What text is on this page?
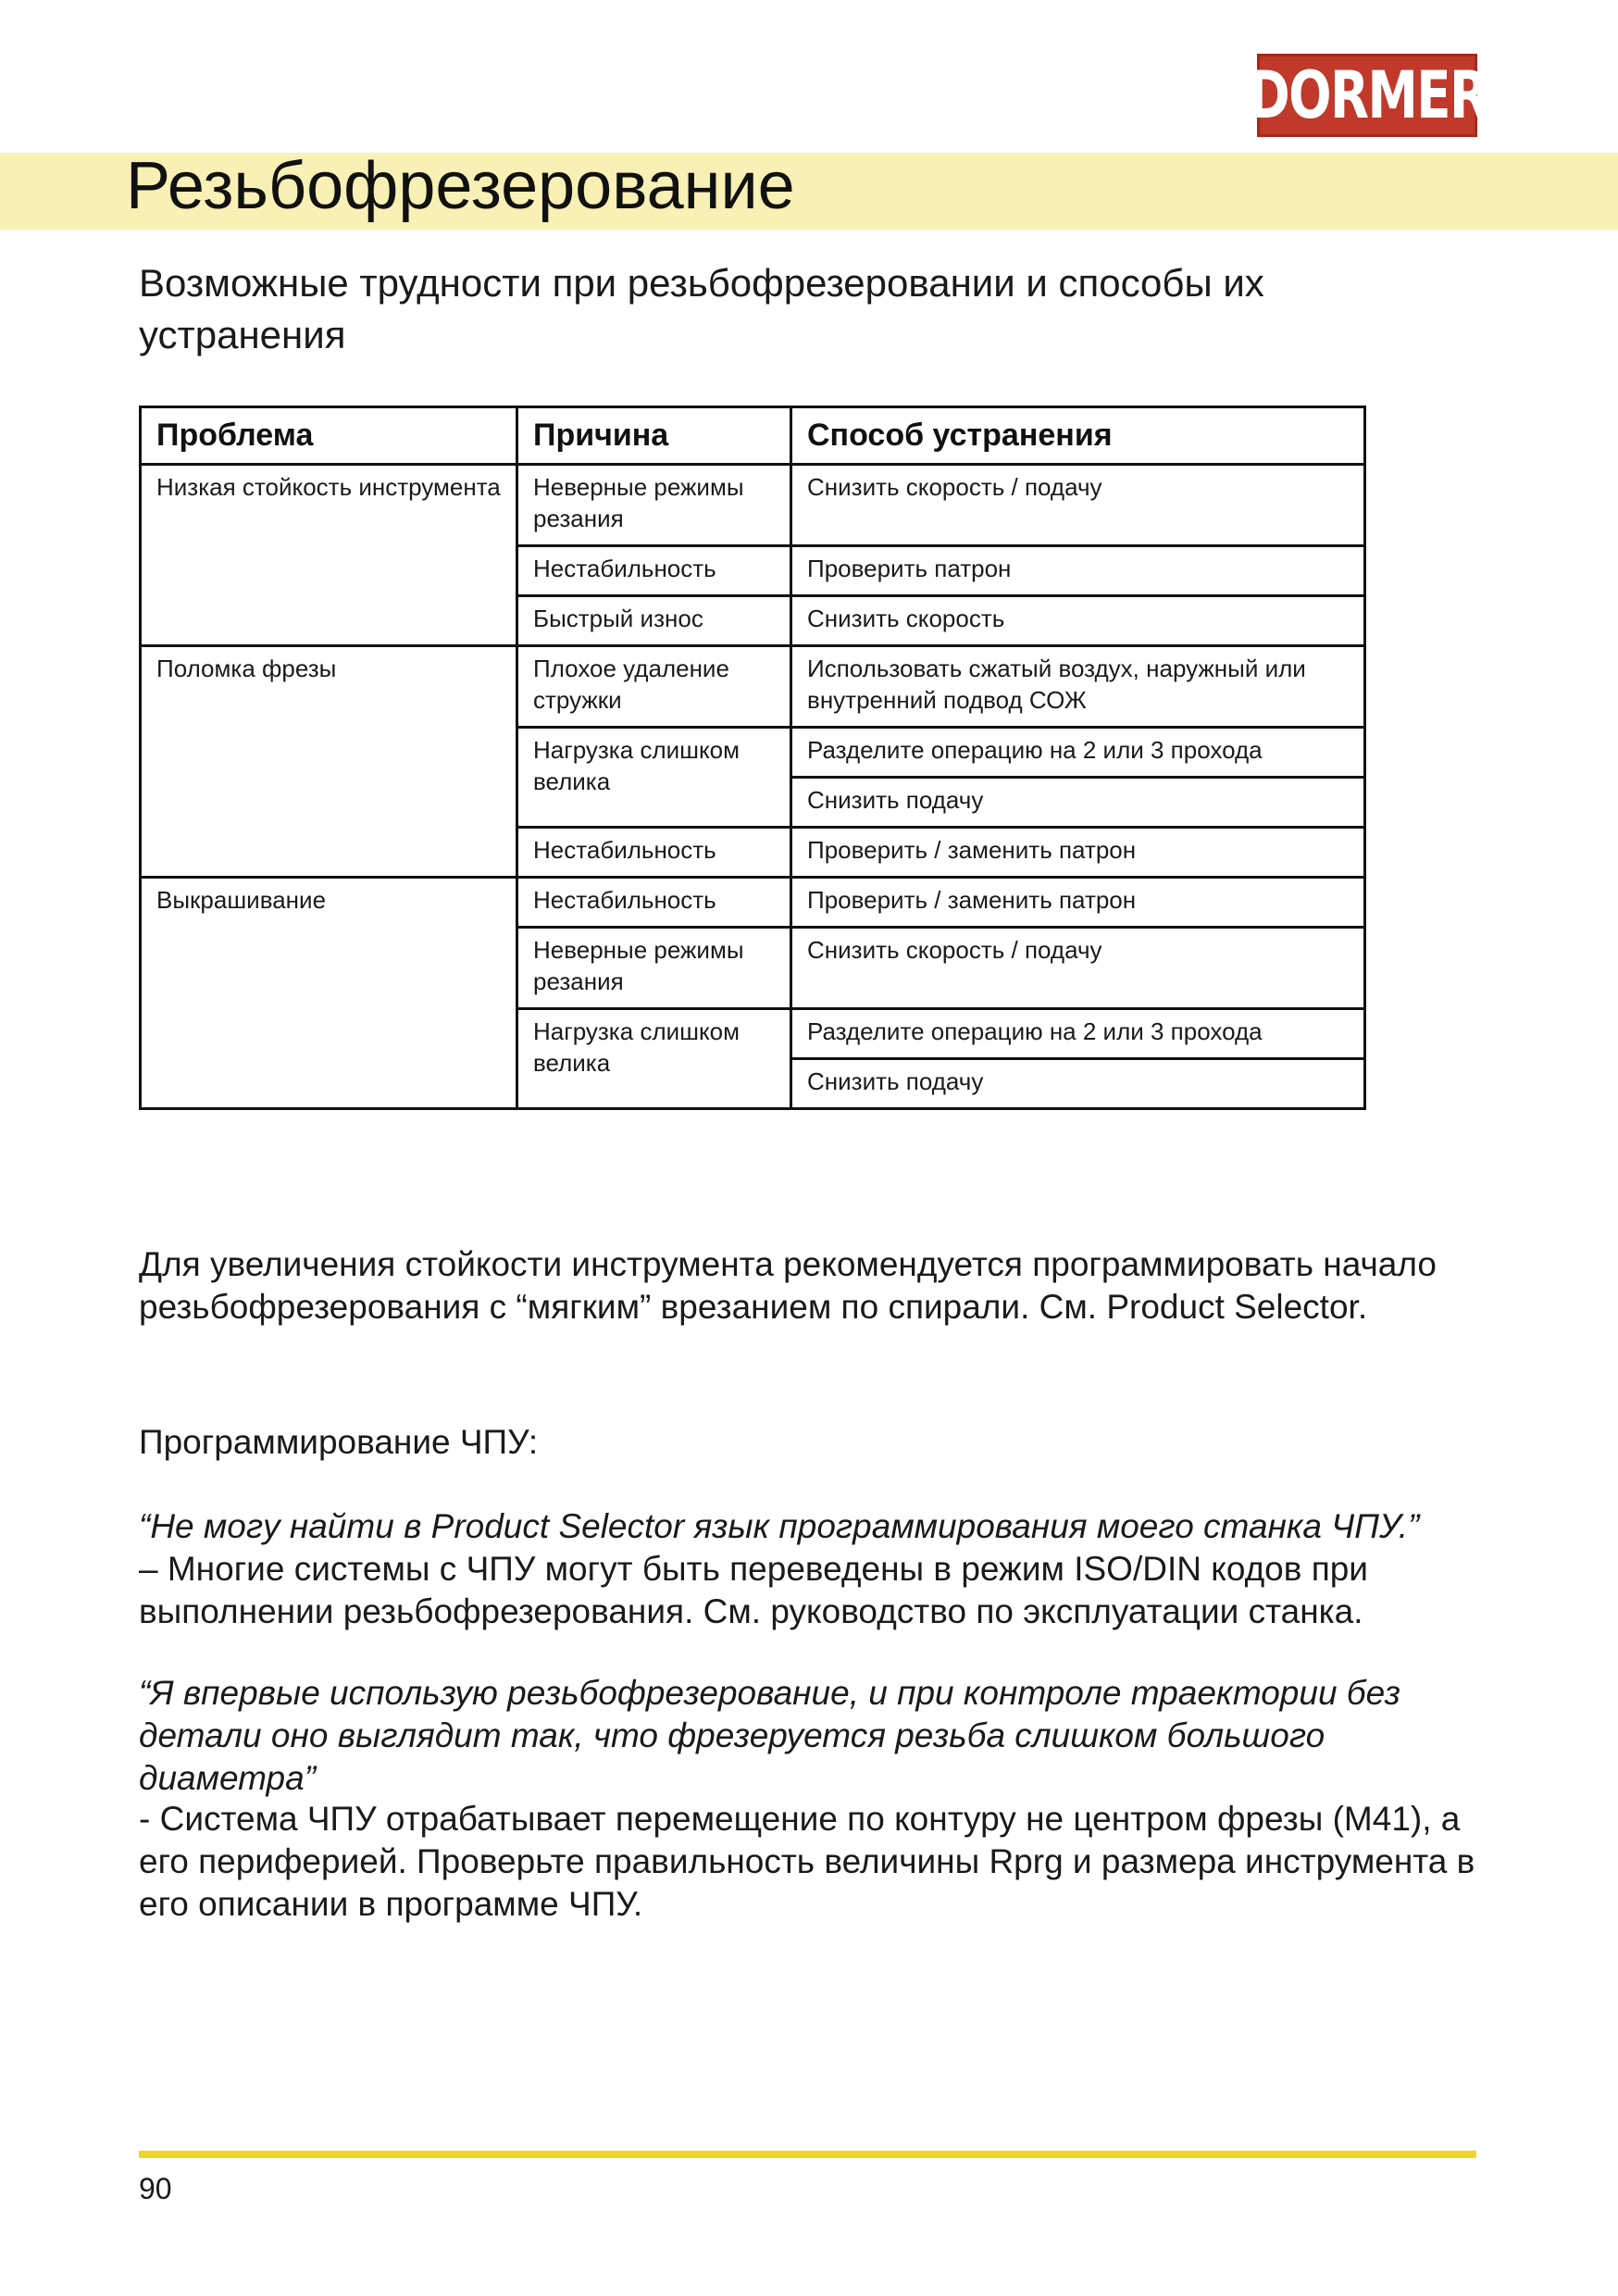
DORMER
Резьбофрезерование
Возможные трудности при резьбофрезеровании и способы их устранения
Проблема	Причина	Способ устранения
Низкая стойкость инструмента	Неверные режимы резания	Снизить скорость / подачу
	Нестабильность	Проверить патрон
	Быстрый износ	Снизить скорость
Поломка фрезы	Плохое удаление стружки	Использовать сжатый воздух, наружный или внутренний подвод СОЖ
	Нагрузка слишком велика	Разделите операцию на 2 или 3 прохода
		Снизить подачу
	Нестабильность	Проверить / заменить патрон

Выкрашивание	Нестабильность	Проверить / заменить патрон
	Неверные режимы резания	Снизить скорость / подачу
	Нагрузка слишком велика	Разделите операцию на 2 или 3 прохода
		Снизить подачу

Для увеличения стойкости инструмента рекомендуется программировать начало резьбофрезерования с “мягким” врезанием по спирали. См. Product Selector.

Программирование ЧПУ:

“Не могу найти в Product Selector язык программирования моего станка ЧПУ.”

– Многие системы с ЧПУ могут быть переведены в режим ISO/DIN кодов при выполнении резьбофрезерования. См. руководство по эксплуатации станка.

“Я впервые использую резьбофрезерование, и при контроле траектории без детали оно выглядит так, что фрезеруется резьба слишком большого диаметра”

- Система ЧПУ отрабатывает перемещение по контуру не центром фрезы (M41), а его периферией. Проверьте правильность величины Rprg и размера инструмента в его описании в программе ЧПУ.

90
